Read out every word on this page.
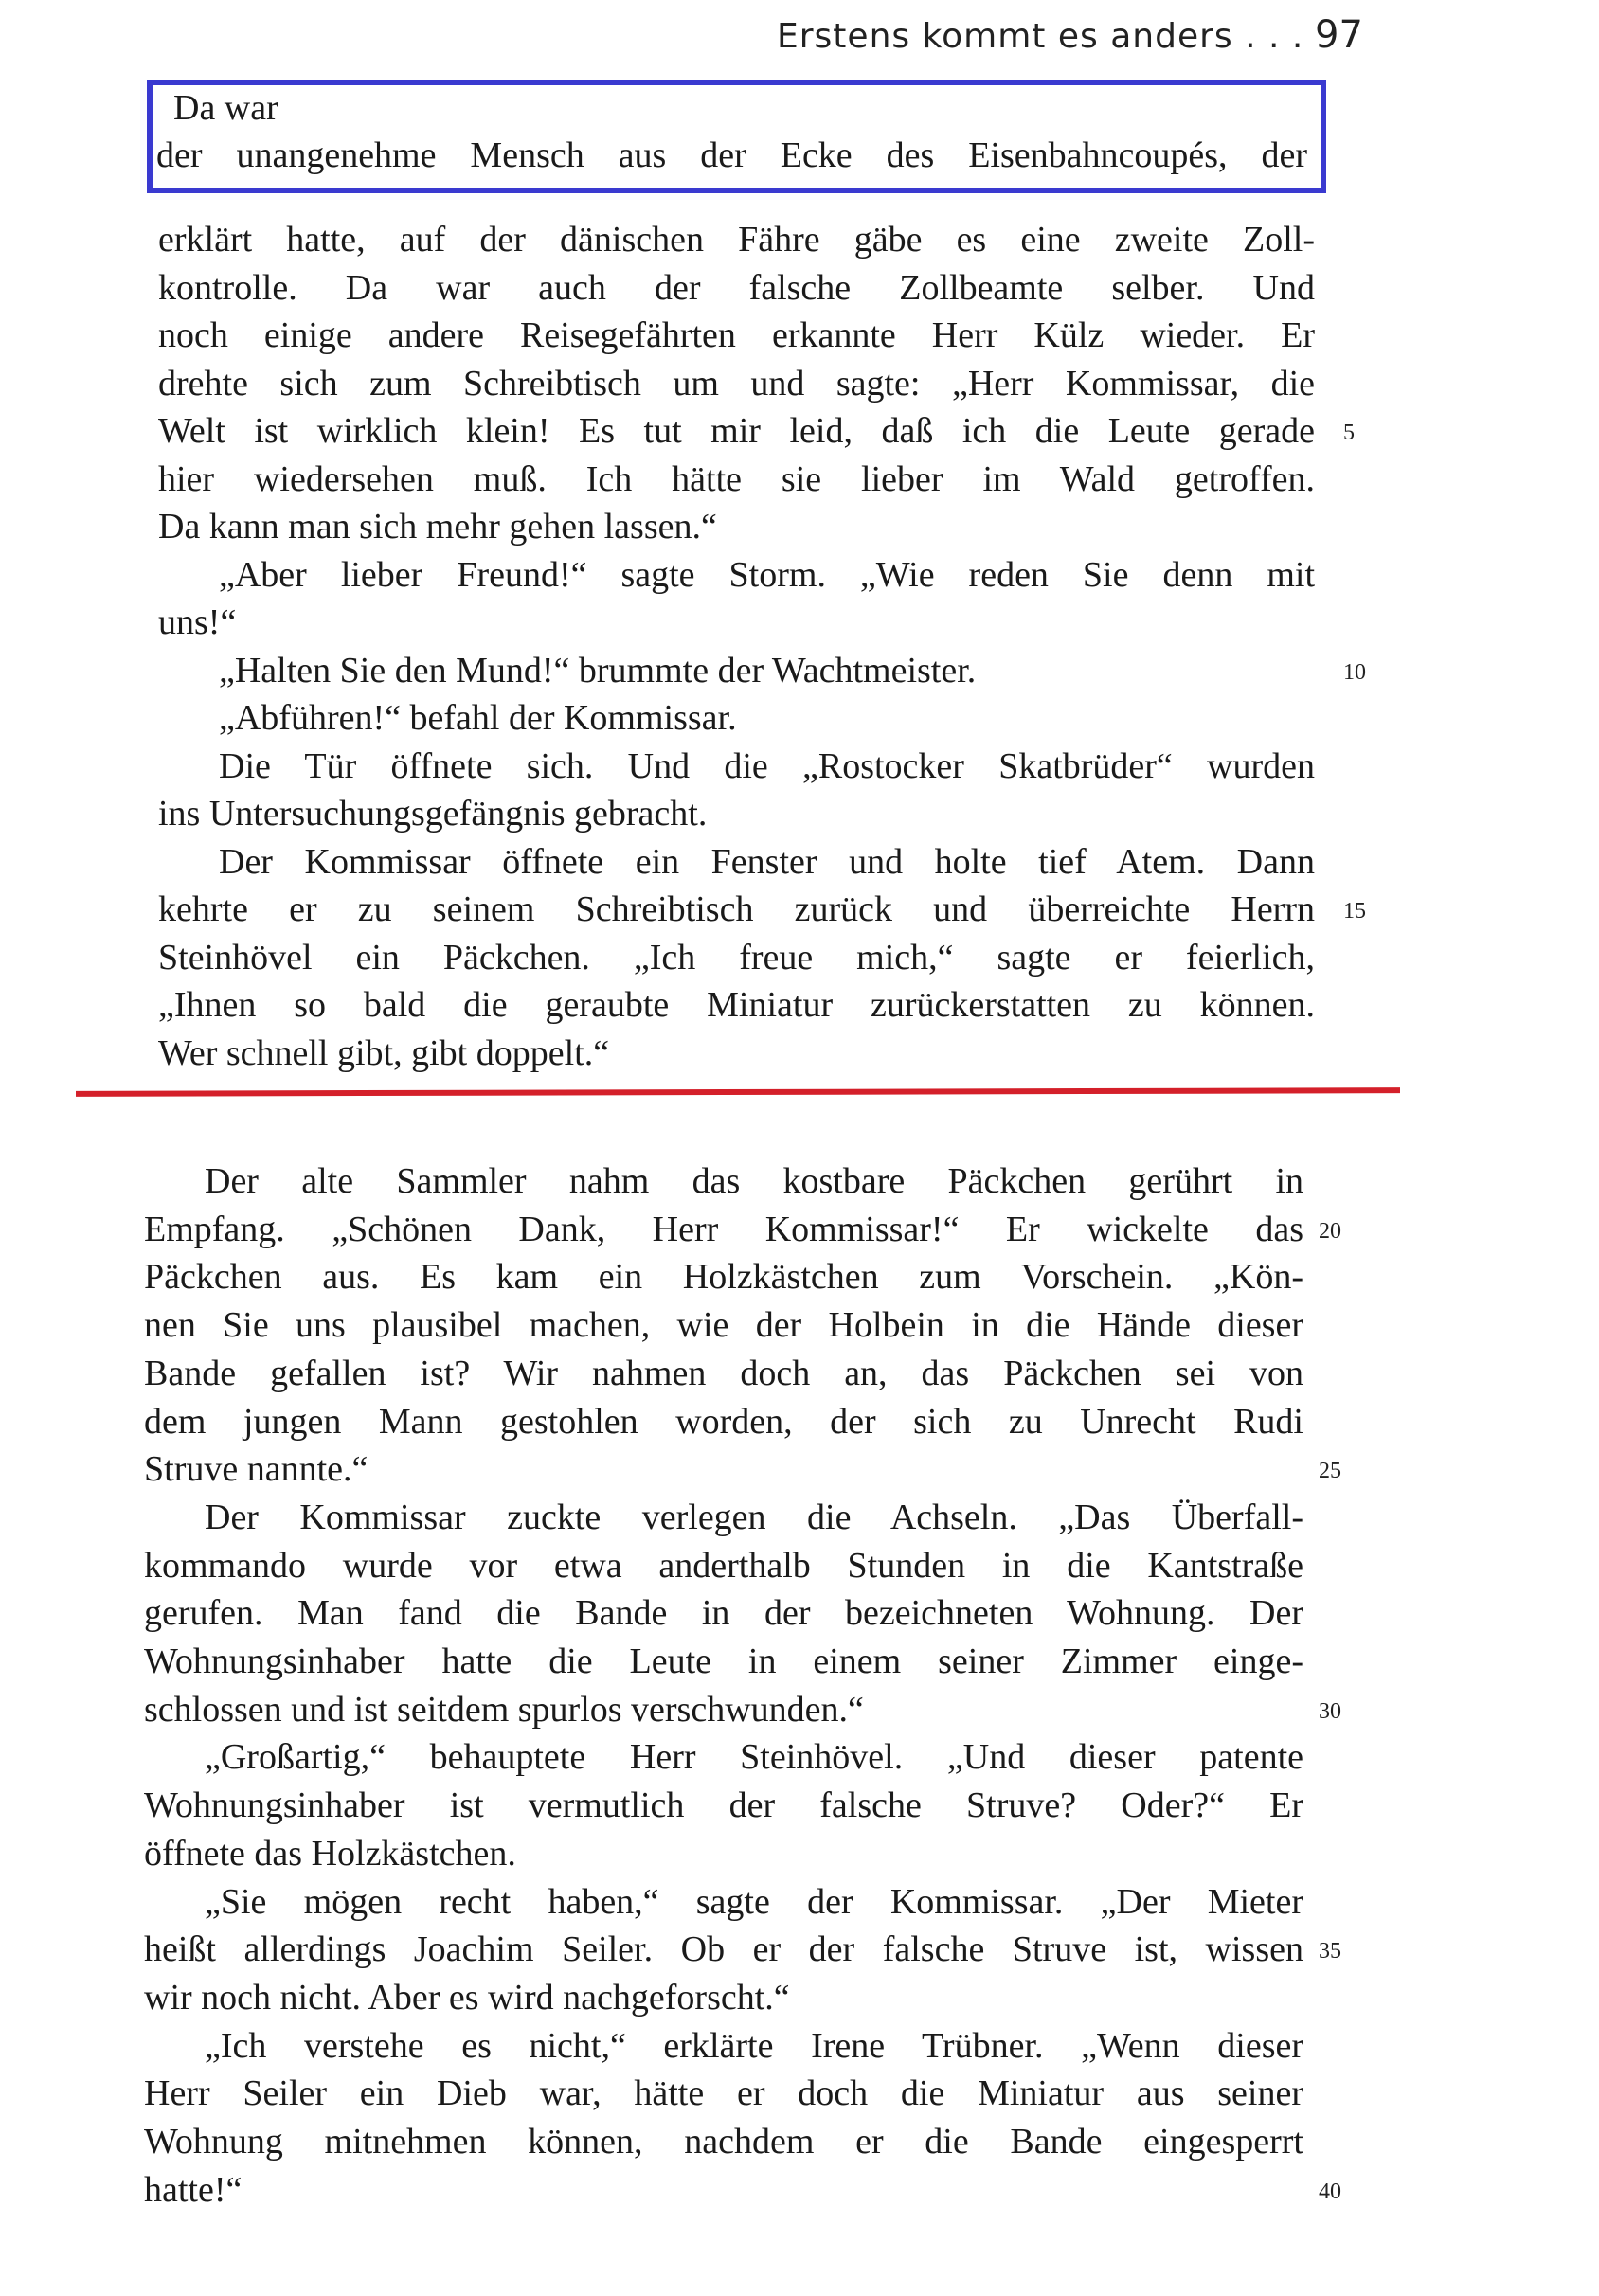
Erstens kommt es anders . . . 97
Da war
der unangenehme Mensch aus der Ecke des Eisenbahncoupés, der
erklärt hatte, auf der dänischen Fähre gäbe es eine zweite Zoll-
kontrolle. Da war auch der falsche Zollbeamte selber. Und
noch einige andere Reisegefährten erkannte Herr Külz wieder. Er
drehte sich zum Schreibtisch um und sagte: „Herr Kommissar, die
Welt ist wirklich klein! Es tut mir leid, daß ich die Leute gerade
hier wiedersehen muß. Ich hätte sie lieber im Wald getroffen.
Da kann man sich mehr gehen lassen.“
„Aber lieber Freund!“ sagte Storm. „Wie reden Sie denn mit
uns!“
„Halten Sie den Mund!“ brummte der Wachtmeister.
„Abführen!“ befahl der Kommissar.
Die Tür öffnete sich. Und die „Rostocker Skatbrüder“ wurden
ins Untersuchungsgefängnis gebracht.
Der Kommissar öffnete ein Fenster und holte tief Atem. Dann
kehrte er zu seinem Schreibtisch zurück und überreichte Herrn
Steinhövel ein Päckchen. „Ich freue mich,“ sagte er feierlich,
„Ihnen so bald die geraubte Miniatur zurückerstatten zu können.
Wer schnell gibt, gibt doppelt.“
5
10
15
Der alte Sammler nahm das kostbare Päckchen gerührt in
Empfang. „Schönen Dank, Herr Kommissar!“ Er wickelte das
Päckchen aus. Es kam ein Holzkästchen zum Vorschein. „Kön-
nen Sie uns plausibel machen, wie der Holbein in die Hände dieser
Bande gefallen ist? Wir nahmen doch an, das Päckchen sei von
dem jungen Mann gestohlen worden, der sich zu Unrecht Rudi
Struve nannte.“
Der Kommissar zuckte verlegen die Achseln. „Das Überfall-
kommando wurde vor etwa anderthalb Stunden in die Kantstraße
gerufen. Man fand die Bande in der bezeichneten Wohnung. Der
Wohnungsinhaber hatte die Leute in einem seiner Zimmer einge-
schlossen und ist seitdem spurlos verschwunden.“
„Großartig,“ behauptete Herr Steinhövel. „Und dieser patente
Wohnungsinhaber ist vermutlich der falsche Struve? Oder?“ Er
öffnete das Holzkästchen.
„Sie mögen recht haben,“ sagte der Kommissar. „Der Mieter
heißt allerdings Joachim Seiler. Ob er der falsche Struve ist, wissen
wir noch nicht. Aber es wird nachgeforscht.“
„Ich verstehe es nicht,“ erklärte Irene Trübner. „Wenn dieser
Herr Seiler ein Dieb war, hätte er doch die Miniatur aus seiner
Wohnung mitnehmen können, nachdem er die Bande eingesperrt
hatte!“
20
25
30
35
40
